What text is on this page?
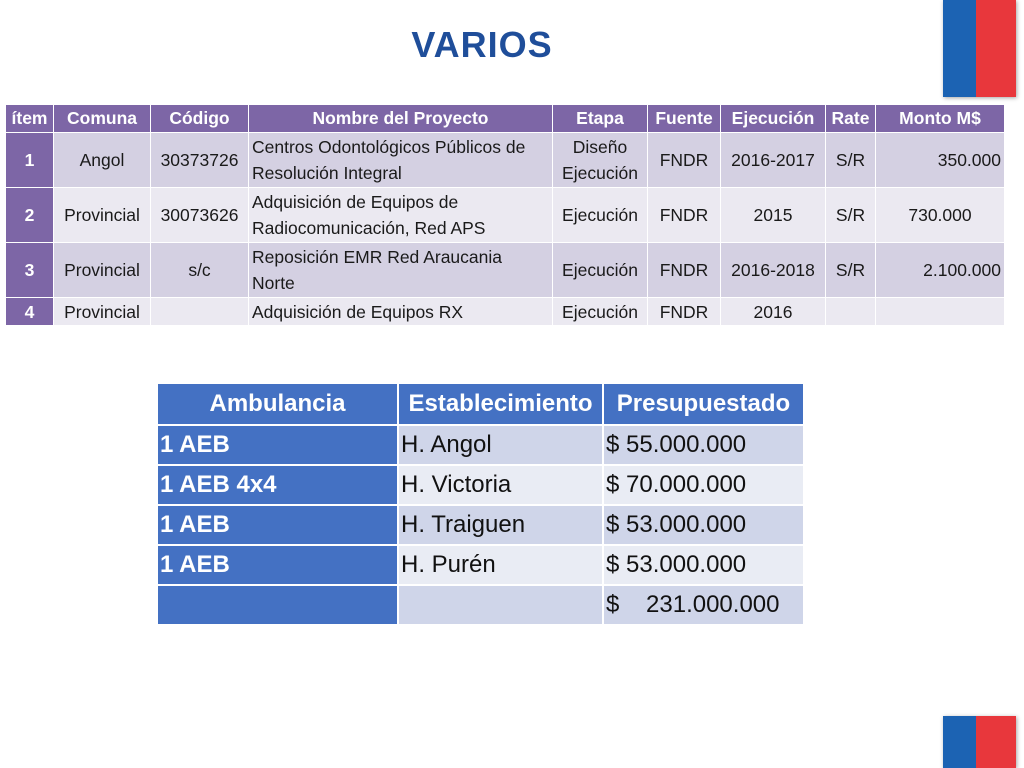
VARIOS
ítem	Comuna	Código	Nombre del Proyecto	Etapa	Fuente	Ejecución	Rate	Monto M$
1	Angol	30373726	Centros Odontológicos Públicos de Resolución Integral	Diseño Ejecución	FNDR	2016-2017	S/R	350.000
2	Provincial	30073626	Adquisición de Equipos de Radiocomunicación, Red APS	Ejecución	FNDR	2015	S/R	730.000
3	Provincial	s/c	Reposición EMR Red Araucania Norte	Ejecución	FNDR	2016-2018	S/R	2.100.000
4	Provincial		Adquisición de Equipos RX	Ejecución	FNDR	2016		
Ambulancia	Establecimiento	Presupuestado
1 AEB	H. Angol	$ 55.000.000
1 AEB 4x4	H. Victoria	$ 70.000.000
1 AEB	H. Traiguen	$ 53.000.000
1 AEB	H. Purén	$ 53.000.000
		$    231.000.000
